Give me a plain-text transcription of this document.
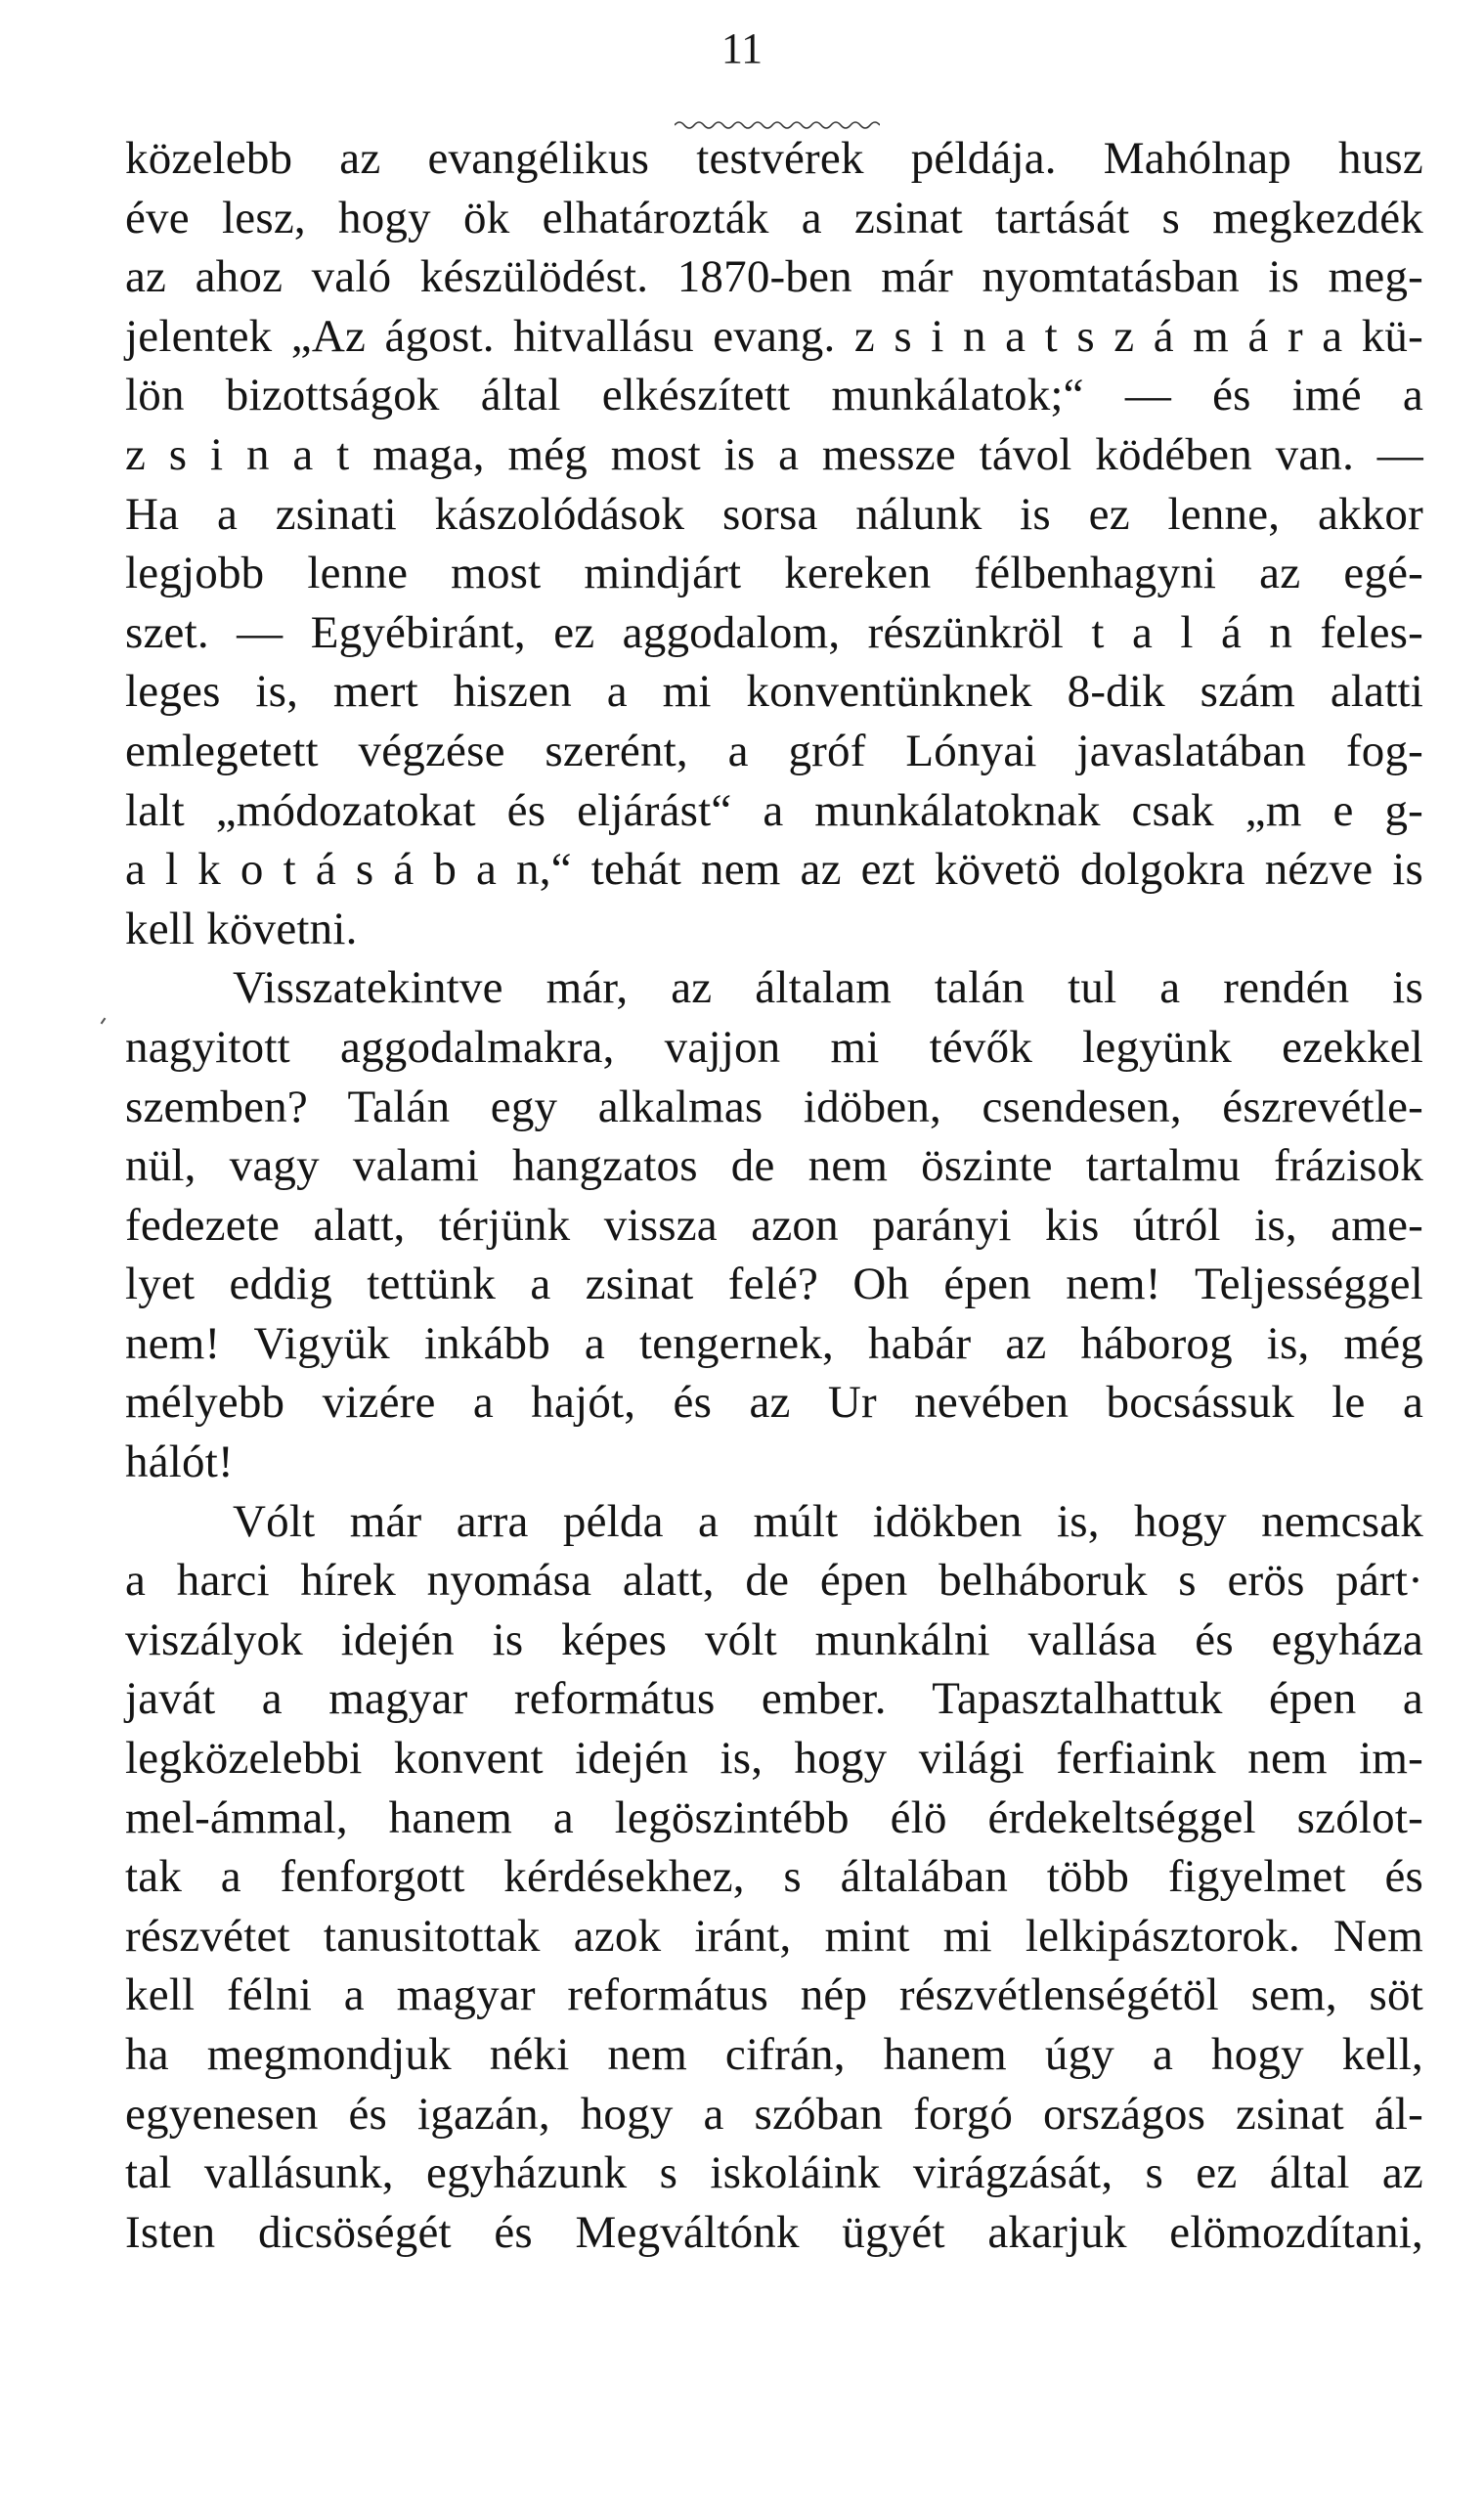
11
közelebb az evangélikus testvérek példája. Mahólnap husz
éve lesz, hogy ök elhatározták a zsinat tartását s megkezdék
az ahoz való készülödést. 1870-ben már nyomtatásban is meg-
jelentek „Az ágost. hitvallásu evang. z s i n a t s z á m á r a kü-
lön bizottságok által elkészített munkálatok;“ — és imé a
z s i n a t maga, még most is a messze távol ködében van. —
Ha a zsinati kászolódások sorsa nálunk is ez lenne, akkor
legjobb lenne most mindjárt kereken félbenhagyni az egé-
szet. — Egyébiránt, ez aggodalom, részünkröl t a l á n feles-
leges is, mert hiszen a mi konventünknek 8-dik szám alatti
emlegetett végzése szerént, a gróf Lónyai javaslatában fog-
lalt „módozatokat és eljárást“ a munkálatoknak csak „m e g-
a l k o t á s á b a n,“ tehát nem az ezt követö dolgokra nézve is
kell követni.
Visszatekintve már, az általam talán tul a rendén is
nagyitott aggodalmakra, vajjon mi tévők legyünk ezekkel
szemben? Talán egy alkalmas idöben, csendesen, észrevétle-
nül, vagy valami hangzatos de nem öszinte tartalmu frázisok
fedezete alatt, térjünk vissza azon parányi kis útról is, ame-
lyet eddig tettünk a zsinat felé? Oh épen nem! Teljességgel
nem! Vigyük inkább a tengernek, habár az háborog is, még
mélyebb vizére a hajót, és az Ur nevében bocsássuk le a
hálót!
Vólt már arra példa a múlt idökben is, hogy nemcsak
a harci hírek nyomása alatt, de épen belháboruk s erös párt·
viszályok idején is képes vólt munkálni vallása és egyháza
javát a magyar református ember. Tapasztalhattuk épen a
legközelebbi konvent idején is, hogy világi ferfiaink nem im-
mel-ámmal, hanem a legöszintébb élö érdekeltséggel szólot-
tak a fenforgott kérdésekhez, s általában több figyelmet és
részvétet tanusitottak azok iránt, mint mi lelkipásztorok. Nem
kell félni a magyar református nép részvétlenségétöl sem, söt
ha megmondjuk néki nem cifrán, hanem úgy a hogy kell,
egyenesen és igazán, hogy a szóban forgó országos zsinat ál-
tal vallásunk, egyházunk s iskoláink virágzását, s ez által az
Isten dicsöségét és Megváltónk ügyét akarjuk elömozdítani,
